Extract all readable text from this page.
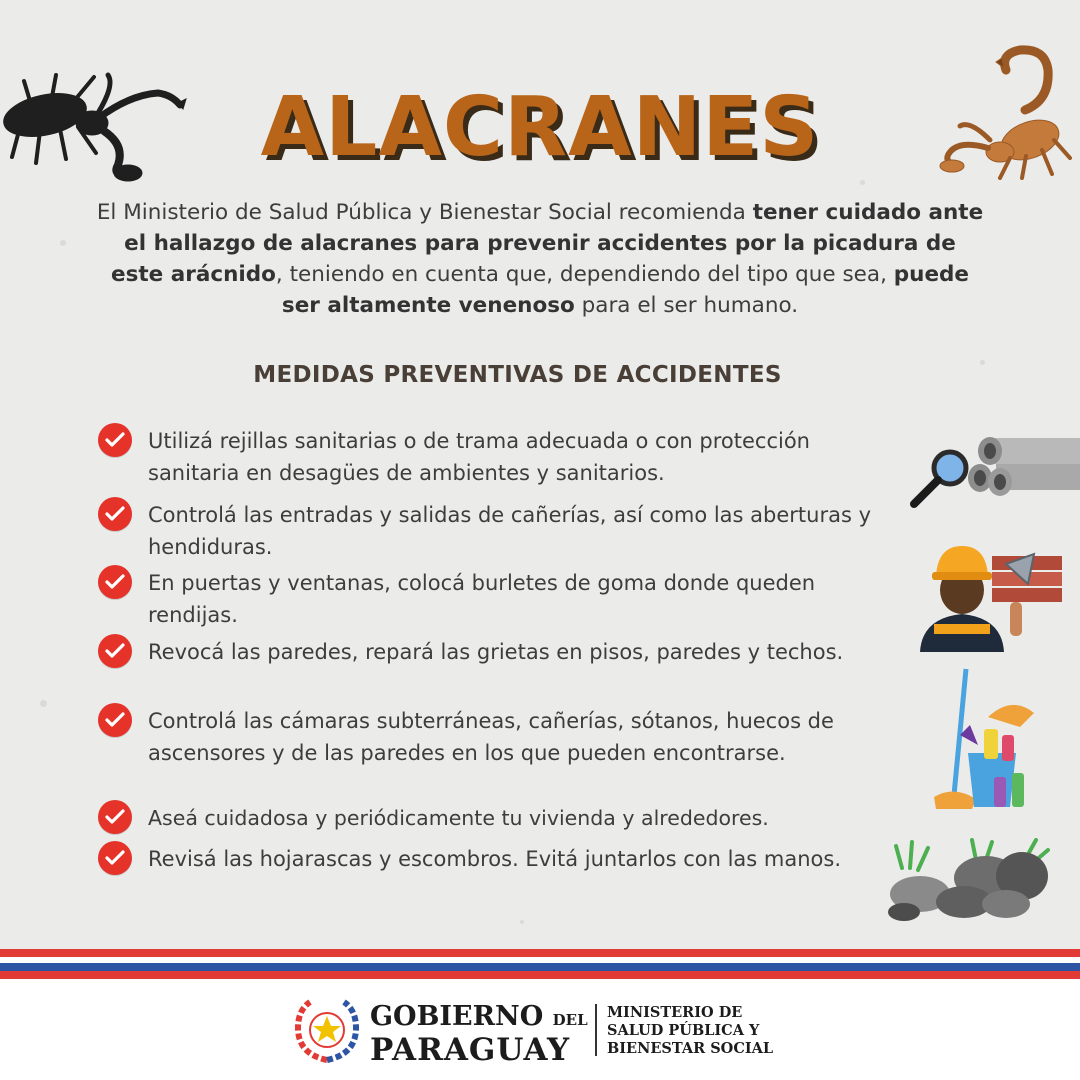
ALACRANES
El Ministerio de Salud Pública y Bienestar Social recomienda tener cuidado ante el hallazgo de alacranes para prevenir accidentes por la picadura de este arácnido, teniendo en cuenta que, dependiendo del tipo que sea, puede ser altamente venenoso para el ser humano.
MEDIDAS PREVENTIVAS DE ACCIDENTES
Utilizá rejillas sanitarias o de trama adecuada o con protección sanitaria en desagües de ambientes y sanitarios.
Controlá las entradas y salidas de cañerías, así como las aberturas y hendiduras.
En puertas y ventanas, colocá burletes de goma donde queden rendijas.
Revocá las paredes, repará las grietas en pisos, paredes y techos.
Controlá las cámaras subterráneas, cañerías, sótanos, huecos de ascensores y de las paredes en los que pueden encontrarse.
Aseá cuidadosa y periódicamente tu vivienda y alrededores.
Revisá las hojarascas y escombros. Evitá juntarlos con las manos.
GOBIERNO DEL
PARAGUAY
MINISTERIO DE
SALUD PÚBLICA Y
BIENESTAR SOCIAL
